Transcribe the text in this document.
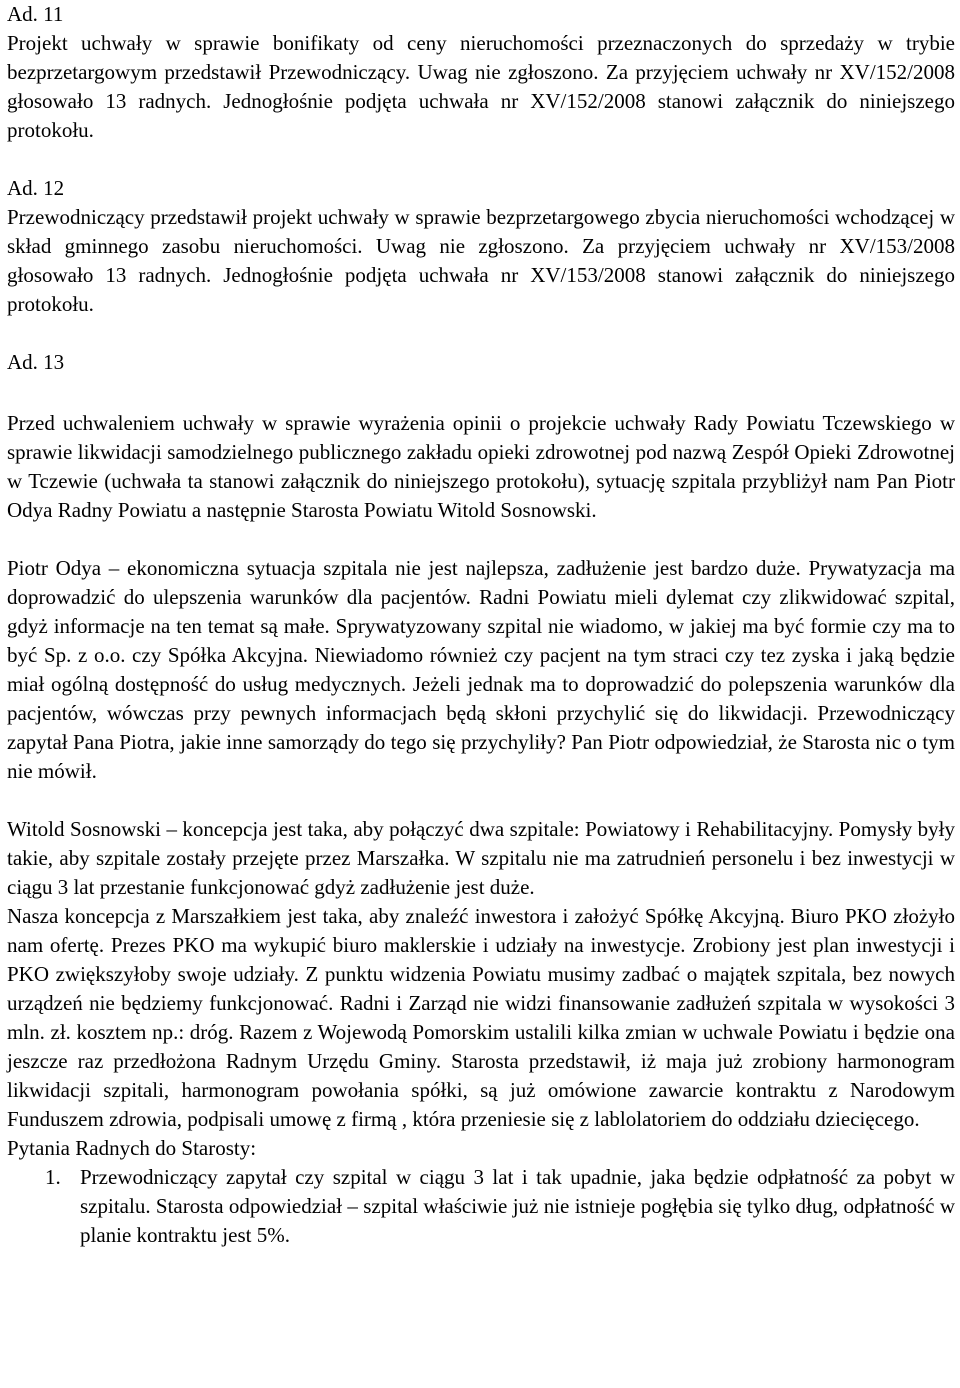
Ad. 11

Projekt uchwały w sprawie bonifikaty od ceny nieruchomości przeznaczonych do sprzedaży w trybie bezprzetargowym przedstawił Przewodniczący. Uwag nie zgłoszono. Za przyjęciem uchwały nr XV/152/2008 głosowało 13 radnych. Jednogłośnie podjęta uchwała nr XV/152/2008 stanowi załącznik do niniejszego protokołu.

Ad. 12

Przewodniczący przedstawił projekt uchwały w sprawie bezprzetargowego zbycia nieruchomości wchodzącej w skład gminnego zasobu nieruchomości. Uwag nie zgłoszono. Za przyjęciem uchwały nr XV/153/2008 głosowało 13 radnych. Jednogłośnie podjęta uchwała nr XV/153/2008 stanowi załącznik do niniejszego protokołu.

Ad. 13

Przed uchwaleniem uchwały w sprawie wyrażenia opinii o projekcie uchwały Rady Powiatu Tczewskiego w sprawie likwidacji samodzielnego publicznego zakładu opieki zdrowotnej pod nazwą Zespół Opieki Zdrowotnej w Tczewie (uchwała ta stanowi załącznik do niniejszego protokołu), sytuację szpitala przybliżył nam Pan Piotr Odya Radny Powiatu a następnie Starosta Powiatu Witold Sosnowski.

Piotr Odya – ekonomiczna sytuacja szpitala nie jest najlepsza, zadłużenie jest bardzo duże. Prywatyzacja ma doprowadzić do ulepszenia warunków dla pacjentów. Radni Powiatu mieli dylemat czy zlikwidować szpital, gdyż informacje na ten temat są małe. Sprywatyzowany szpital nie wiadomo, w jakiej ma być formie czy ma to być Sp. z o.o. czy Spółka Akcyjna. Niewiadomo również czy pacjent na tym straci czy tez zyska i jaką będzie miał ogólną dostępność do usług medycznych. Jeżeli jednak ma to doprowadzić do polepszenia warunków dla pacjentów, wówczas przy pewnych informacjach będą skłoni przychylić się do likwidacji. Przewodniczący zapytał Pana Piotra, jakie inne samorządy do tego się przychyliły? Pan Piotr odpowiedział, że Starosta nic o tym nie mówił.

Witold Sosnowski – koncepcja jest taka, aby połączyć dwa szpitale: Powiatowy i Rehabilitacyjny. Pomysły były takie, aby szpitale zostały przejęte przez Marszałka. W szpitalu nie ma zatrudnień personelu i bez inwestycji w ciągu 3 lat przestanie funkcjonować gdyż zadłużenie jest duże.

Nasza koncepcja z Marszałkiem jest taka, aby znaleźć inwestora i założyć Spółkę Akcyjną. Biuro PKO złożyło nam ofertę. Prezes PKO ma wykupić biuro maklerskie i udziały na inwestycje. Zrobiony jest plan inwestycji i PKO zwiększyłoby swoje udziały. Z punktu widzenia Powiatu musimy zadbać o majątek szpitala, bez nowych urządzeń nie będziemy funkcjonować. Radni i Zarząd nie widzi finansowanie zadłużeń szpitala w wysokości 3 mln. zł. kosztem np.: dróg. Razem z Wojewodą Pomorskim ustalili kilka zmian w uchwale Powiatu i będzie ona jeszcze raz przedłożona Radnym Urzędu Gminy. Starosta przedstawił, iż maja już zrobiony harmonogram likwidacji szpitali, harmonogram powołania spółki, są już omówione zawarcie kontraktu z Narodowym Funduszem zdrowia, podpisali umowę z firmą , która przeniesie się z lablolatoriem do oddziału dziecięcego.

Pytania Radnych do Starosty:

1. Przewodniczący zapytał czy szpital w ciągu 3 lat i tak upadnie, jaka będzie odpłatność za pobyt w szpitalu. Starosta odpowiedział – szpital właściwie już nie istnieje pogłębia się tylko dług, odpłatność w planie kontraktu jest 5%.
